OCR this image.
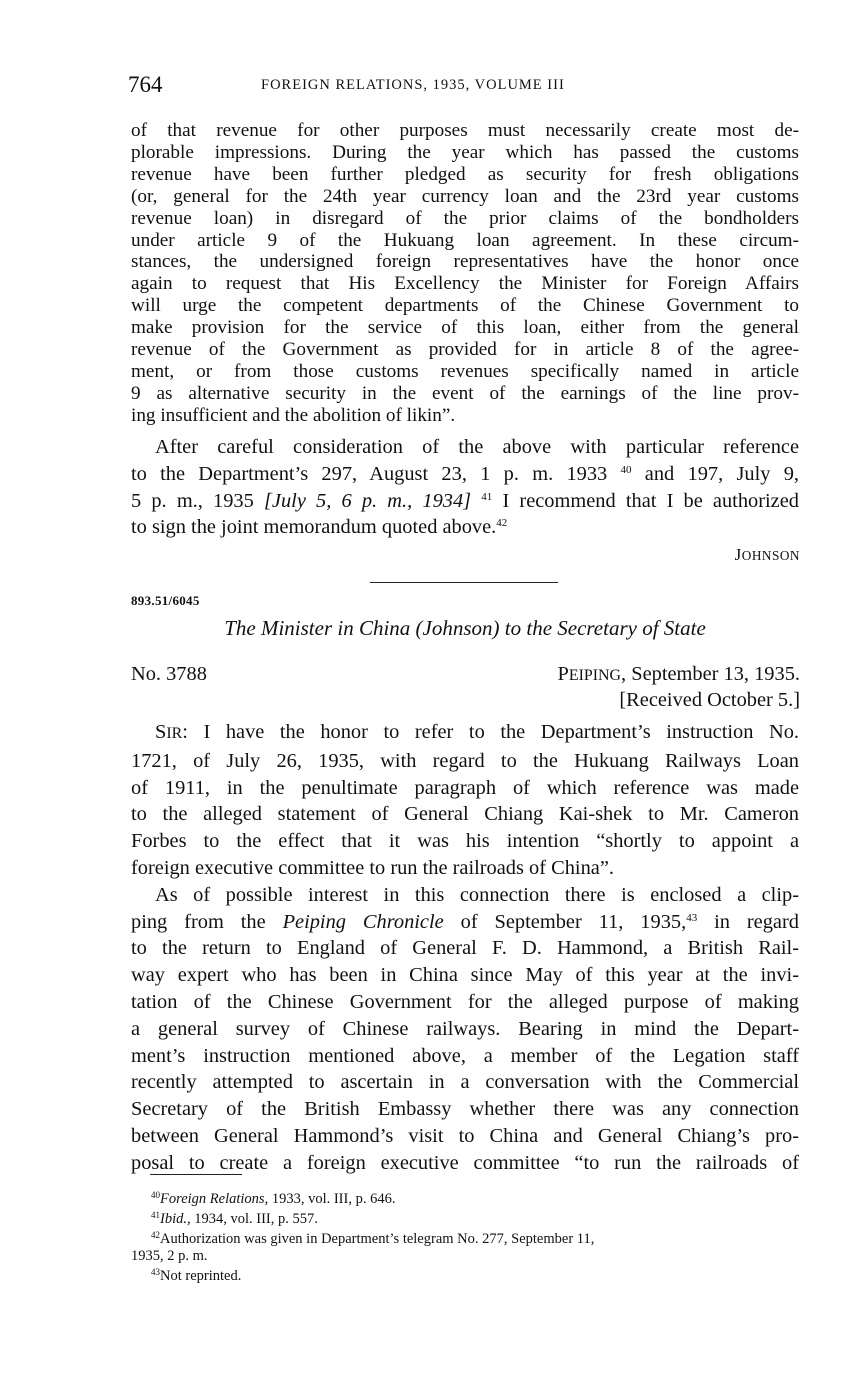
764	FOREIGN RELATIONS, 1935, VOLUME III
of that revenue for other purposes must necessarily create most de-
plorable impressions. During the year which has passed the customs
revenue have been further pledged as security for fresh obligations
(or, general for the 24th year currency loan and the 23rd year customs
revenue loan) in disregard of the prior claims of the bondholders
under article 9 of the Hukuang loan agreement. In these circum-
stances, the undersigned foreign representatives have the honor once
again to request that His Excellency the Minister for Foreign Affairs
will urge the competent departments of the Chinese Government to
make provision for the service of this loan, either from the general
revenue of the Government as provided for in article 8 of the agree-
ment, or from those customs revenues specifically named in article
9 as alternative security in the event of the earnings of the line prov-
ing insufficient and the abolition of likin”.
After careful consideration of the above with particular reference
to the Department’s 297, August 23, 1 p. m. 1933 $^{40}$ and 197, July 9,
5 p. m., 1935 [July 5, 6 p. m., 1934] $^{41}$ I recommend that I be authorized
to sign the joint memorandum quoted above.$^{42}$
JOHNSON
893.51/6045
The Minister in China (Johnson) to the Secretary of State
No. 3788	PEIPING, September 13, 1935.
[Received October 5.]
SIR: I have the honor to refer to the Department’s instruction No.
1721, of July 26, 1935, with regard to the Hukuang Railways Loan
of 1911, in the penultimate paragraph of which reference was made
to the alleged statement of General Chiang Kai-shek to Mr. Cameron
Forbes to the effect that it was his intention “shortly to appoint a
foreign executive committee to run the railroads of China”.
As of possible interest in this connection there is enclosed a clip-
ping from the Peiping Chronicle of September 11, 1935,43 in regard
to the return to England of General F. D. Hammond, a British Rail-
way expert who has been in China since May of this year at the invi-
tation of the Chinese Government for the alleged purpose of making
a general survey of Chinese railways. Bearing in mind the Depart-
ment’s instruction mentioned above, a member of the Legation staff
recently attempted to ascertain in a conversation with the Commercial
Secretary of the British Embassy whether there was any connection
between General Hammond’s visit to China and General Chiang’s pro-
posal to create a foreign executive committee “to run the railroads of
$^{40}$Foreign Relations, 1933, vol. III, p. 646.
$^{41}$Ibid., 1934, vol. III, p. 557.
$^{42}$Authorization was given in Department’s telegram No. 277, September 11,
1935, 2 p. m.
$^{43}$Not reprinted.
